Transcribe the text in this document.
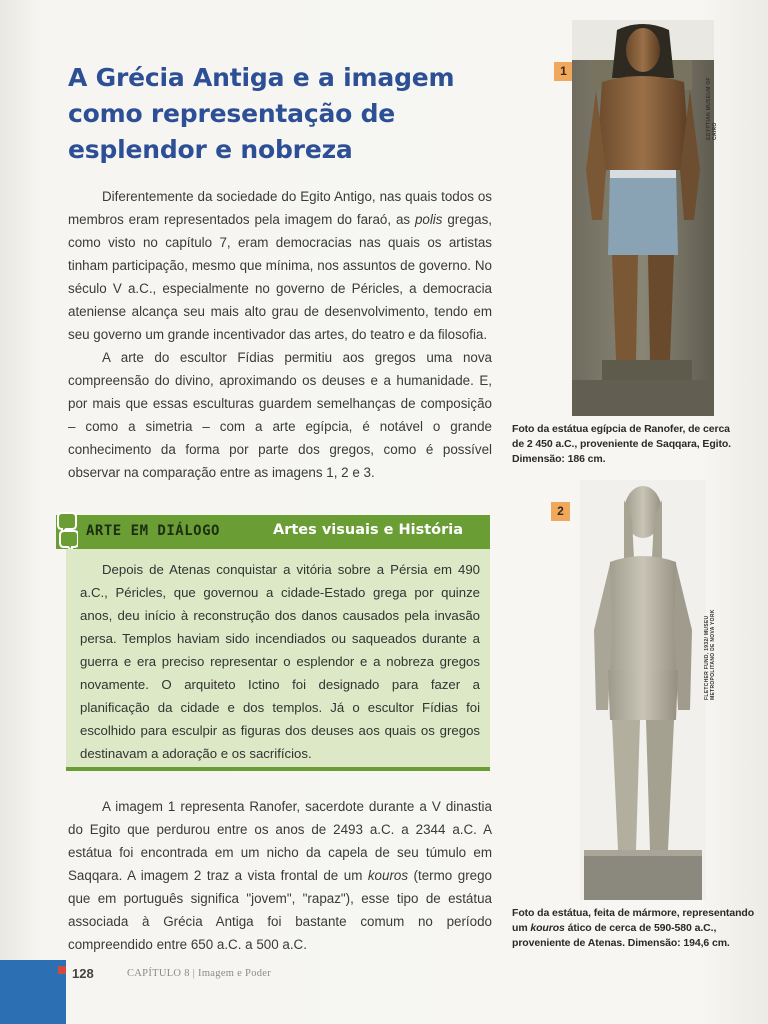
A Grécia Antiga e a imagem
como representação de
esplendor e nobreza

Diferentemente da sociedade do Egito Antigo, nas quais todos os membros eram representados pela imagem do faraó, as polis gregas, como visto no capítulo 7, eram democracias nas quais os artistas tinham participação, mesmo que mínima, nos assuntos de governo. No século V a.C., especialmente no governo de Péricles, a democracia ateniense alcança seu mais alto grau de desenvolvimento, tendo em seu governo um grande incentivador das artes, do teatro e da filosofia.

A arte do escultor Fídias permitiu aos gregos uma nova compreensão do divino, aproximando os deuses e a humanidade. E, por mais que essas esculturas guardem semelhanças de composição – como a simetria – com a arte egípcia, é notável o grande conhecimento da forma por parte dos gregos, como é possível observar na comparação entre as imagens 1, 2 e 3.

1
EGYPTIAN MUSEUM OF CAIRO
Foto da estátua egípcia de Ranofer, de cerca de 2 450 a.C., proveniente de Saqqara, Egito. Dimensão: 186 cm.
2
FLETCHER FUND, 1932/ MUSEU METROPOLITANO DE NOVA YORK
Foto da estátua, feita de mármore, representando um kouros ático de cerca de 590-580 a.C., proveniente de Atenas. Dimensão: 194,6 cm.
ARTE EM DIÁLOGO	Artes visuais e História

Depois de Atenas conquistar a vitória sobre a Pérsia em 490 a.C., Péricles, que governou a cidade-Estado grega por quinze anos, deu início à reconstrução dos danos causados pela invasão persa. Templos haviam sido incendiados ou saqueados durante a guerra e era preciso representar o esplendor e a nobreza gregos novamente. O arquiteto Ictino foi designado para fazer a planificação da cidade e dos templos. Já o escultor Fídias foi escolhido para esculpir as figuras dos deuses aos quais os gregos destinavam a adoração e os sacrifícios.

A imagem 1 representa Ranofer, sacerdote durante a V dinastia do Egito que perdurou entre os anos de 2493 a.C. a 2344 a.C. A estátua foi encontrada em um nicho da capela de seu túmulo em Saqqara. A imagem 2 traz a vista frontal de um kouros (termo grego que em português significa "jovem", "rapaz"), esse tipo de estátua associada à Grécia Antiga foi bastante comum no período compreendido entre 650 a.C. a 500 a.C.

128	CAPÍTULO 8 | Imagem e Poder
